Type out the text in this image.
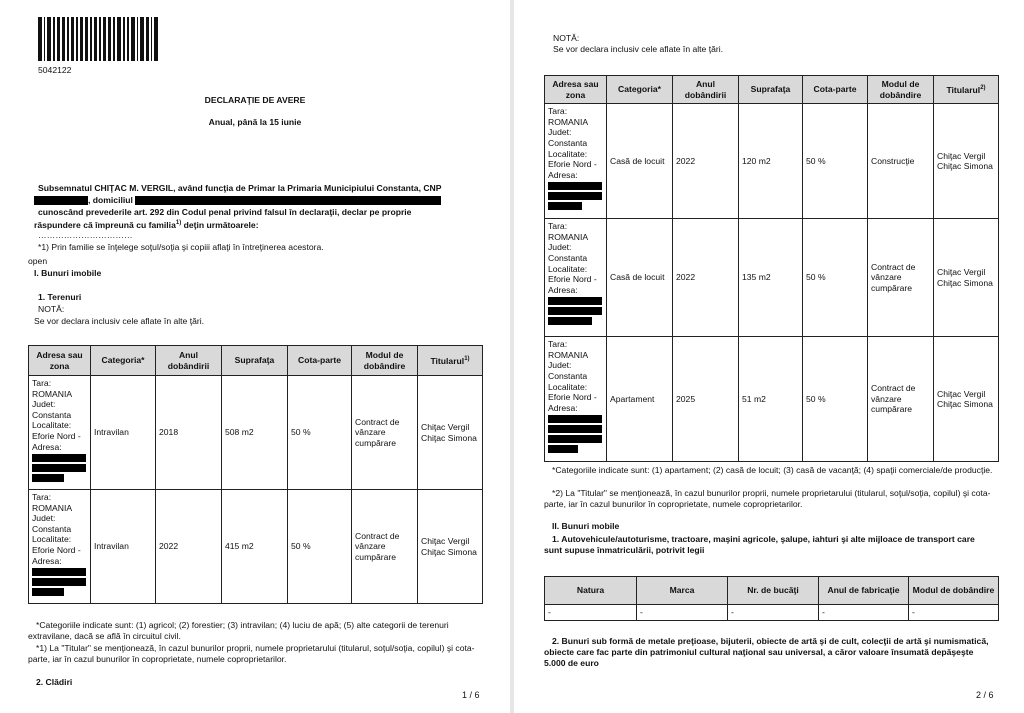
5042122
DECLARAŢIE DE AVERE
Anual, până la 15 iunie
Subsemnatul CHIŢAC M. VERGIL, având funcţia de Primar la Primaria Municipiului Constanta, CNP
, domiciliul
cunoscând prevederile art. 292 din Codul penal privind falsul în declaraţii, declar pe proprie
răspundere că împreună cu familia$^{1)}$ deţin următoarele:
……………………………
*1) Prin familie se înţelege soţul/soţia şi copiii aflaţi în întreţinerea acestora.
open
I. Bunuri imobile
1. Terenuri
NOTĂ:
Se vor declara inclusiv cele aflate în alte ţări.
Adresa sau zona	Categoria*	Anul dobândirii	Suprafaţa	Cota-parte	Modul de dobândire	Titularul$^{1)}$

Tara: ROMANIA
Judet: Constanta
Localitate: Eforie Nord - Adresa:	Intravilan	2018	508 m2	50 %	Contract de vânzare cumpărare	Chiţac Vergil
Chiţac Simona

Tara: ROMANIA
Judet: Constanta
Localitate: Eforie Nord - Adresa:	Intravilan	2022	415 m2	50 %	Contract de vânzare cumpărare	Chiţac Vergil
Chiţac Simona
*Categoriile indicate sunt: (1) agricol; (2) forestier; (3) intravilan; (4) luciu de apă; (5) alte categorii de terenuri extravilane, dacă se află în circuitul civil.
*1) La "Titular" se menţionează, în cazul bunurilor proprii, numele proprietarului (titularul, soţul/soţia, copilul) şi cota-parte, iar în cazul bunurilor în coproprietate, numele coproprietarilor.
2. Clădiri
1 / 6
NOTĂ:
Se vor declara inclusiv cele aflate în alte ţări.
Adresa sau zona	Categoria*	Anul dobândirii	Suprafaţa	Cota-parte	Modul de dobândire	Titularul$^{2)}$

Tara: ROMANIA
Judet: Constanta
Localitate: Eforie Nord - Adresa:	Casă de locuit	2022	120 m2	50 %	Construcţie	Chiţac Vergil
Chiţac Simona

Tara: ROMANIA
Judet: Constanta
Localitate: Eforie Nord - Adresa:	Casă de locuit	2022	135 m2	50 %	Contract de vânzare cumpărare	Chiţac Vergil
Chiţac Simona

Tara: ROMANIA
Judet: Constanta
Localitate: Eforie Nord - Adresa:	Apartament	2025	51 m2	50 %	Contract de vânzare cumpărare	Chiţac Vergil
Chiţac Simona
*Categoriile indicate sunt: (1) apartament; (2) casă de locuit; (3) casă de vacanţă; (4) spaţii comerciale/de producţie.
*2) La "Titular" se menţionează, în cazul bunurilor proprii, numele proprietarului (titularul, soţul/soţia, copilul) şi cota-parte, iar în cazul bunurilor în coproprietate, numele coproprietarilor.
II. Bunuri mobile
1. Autovehicule/autoturisme, tractoare, maşini agricole, şalupe, iahturi şi alte mijloace de transport care sunt supuse înmatriculării, potrivit legii
Natura	Marca	Nr. de bucăţi	Anul de fabricaţie	Modul de dobândire
-	-	-	-	-
2. Bunuri sub formă de metale preţioase, bijuterii, obiecte de artă şi de cult, colecţii de artă şi numismatică, obiecte care fac parte din patrimoniul cultural naţional sau universal, a căror valoare însumată depăşeşte 5.000 de euro
2 / 6
